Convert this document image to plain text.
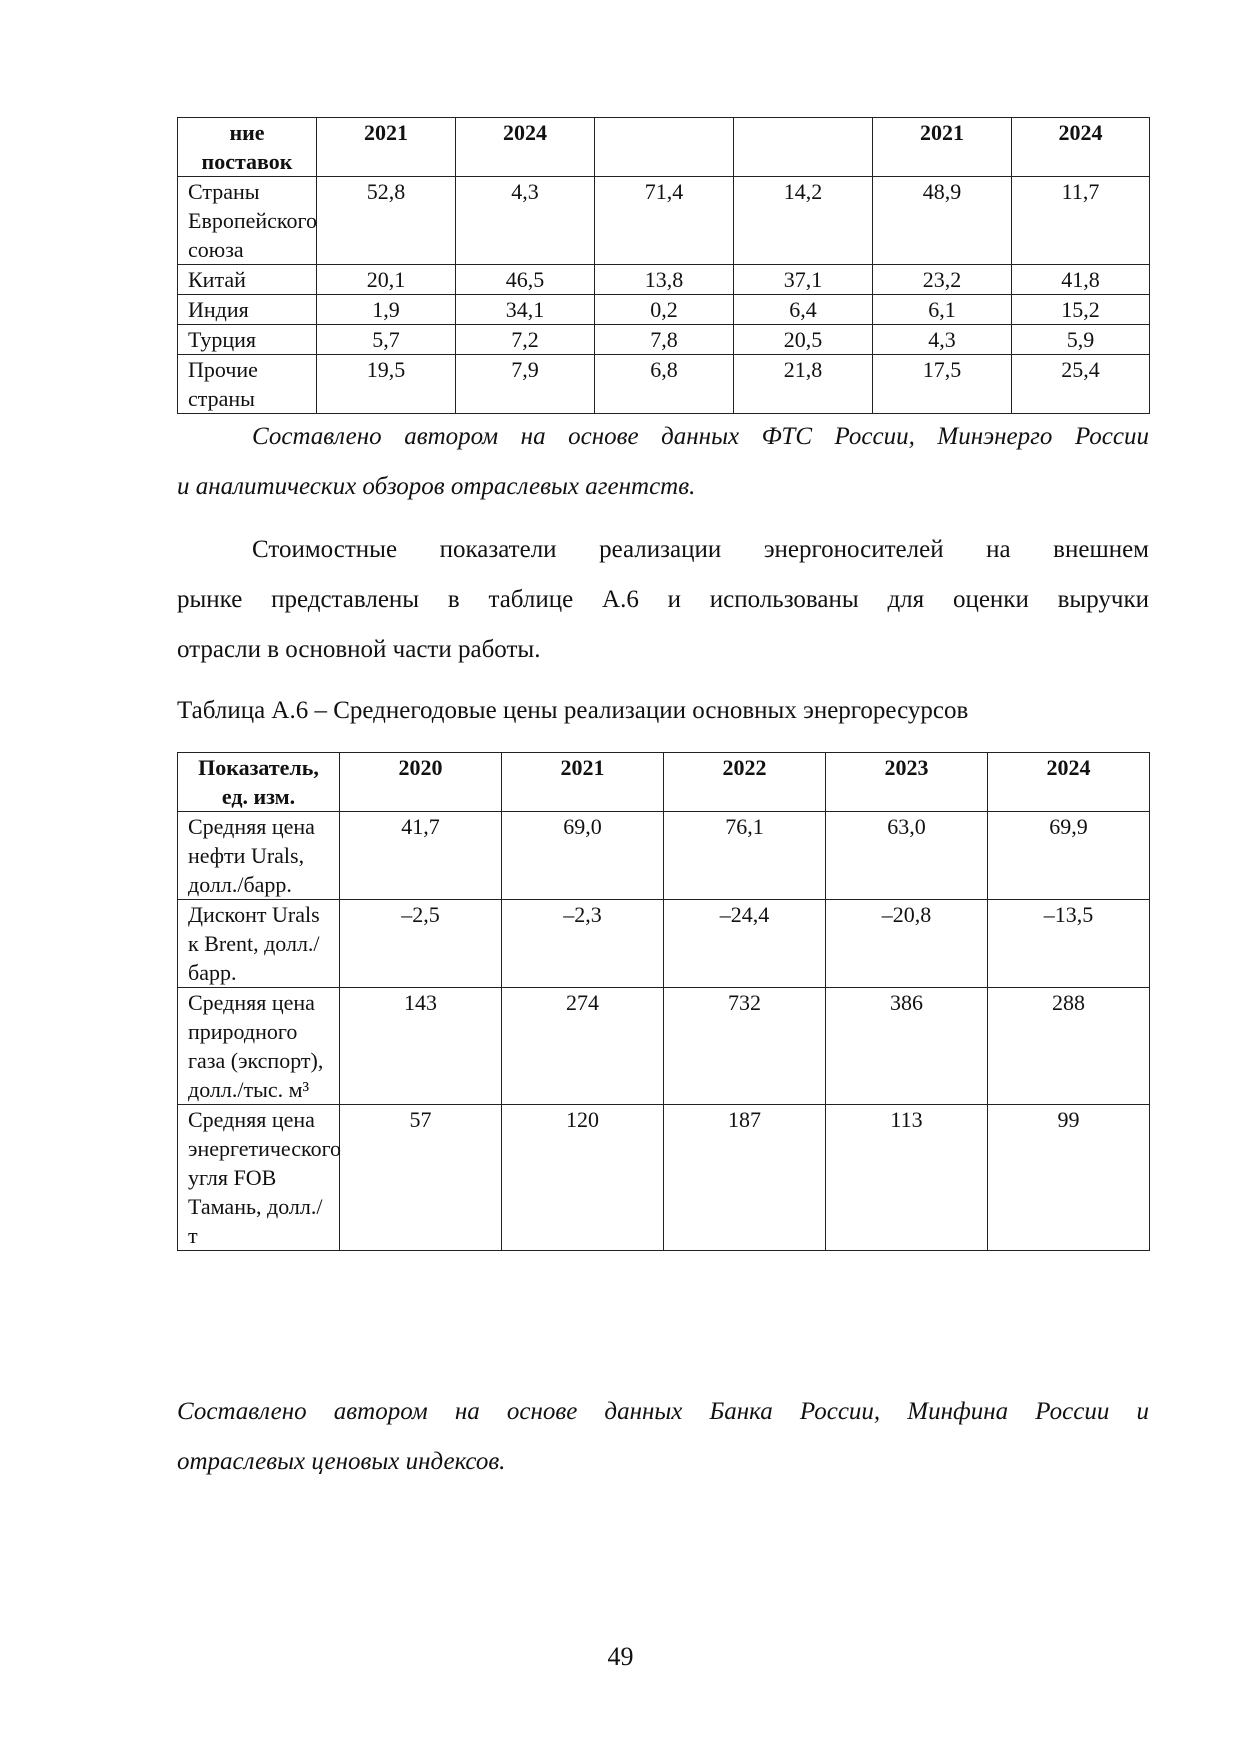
ние поставок	2021	2024			2021	2024
Страны Европейского союза	52,8	4,3	71,4	14,2	48,9	11,7
Китай	20,1	46,5	13,8	37,1	23,2	41,8
Индия	1,9	34,1	0,2	6,4	6,1	15,2
Турция	5,7	7,2	7,8	20,5	4,3	5,9
Прочие страны	19,5	7,9	6,8	21,8	17,5	25,4

Составлено автором на основе данных ФТС России, Минэнерго России
и аналитических обзоров отраслевых агентств.

Стоимостные показатели реализации энергоносителей на внешнем
рынке представлены в таблице А.6 и использованы для оценки выручки
отрасли в основной части работы.

Таблица А.6 – Среднегодовые цены реализации основных энергоресурсов

Показатель, ед. изм.	2020	2021	2022	2023	2024
Средняя цена нефти Urals, долл./барр.	41,7	69,0	76,1	63,0	69,9
Дисконт Urals к Brent, долл./барр.	–2,5	–2,3	–24,4	–20,8	–13,5
Средняя цена природного газа (экспорт), долл./тыс. м³	143	274	732	386	288
Средняя цена энергетического угля FOB Тамань, долл./т	57	120	187	113	99

Составлено автором на основе данных Банка России, Минфина России и
отраслевых ценовых индексов.

49
